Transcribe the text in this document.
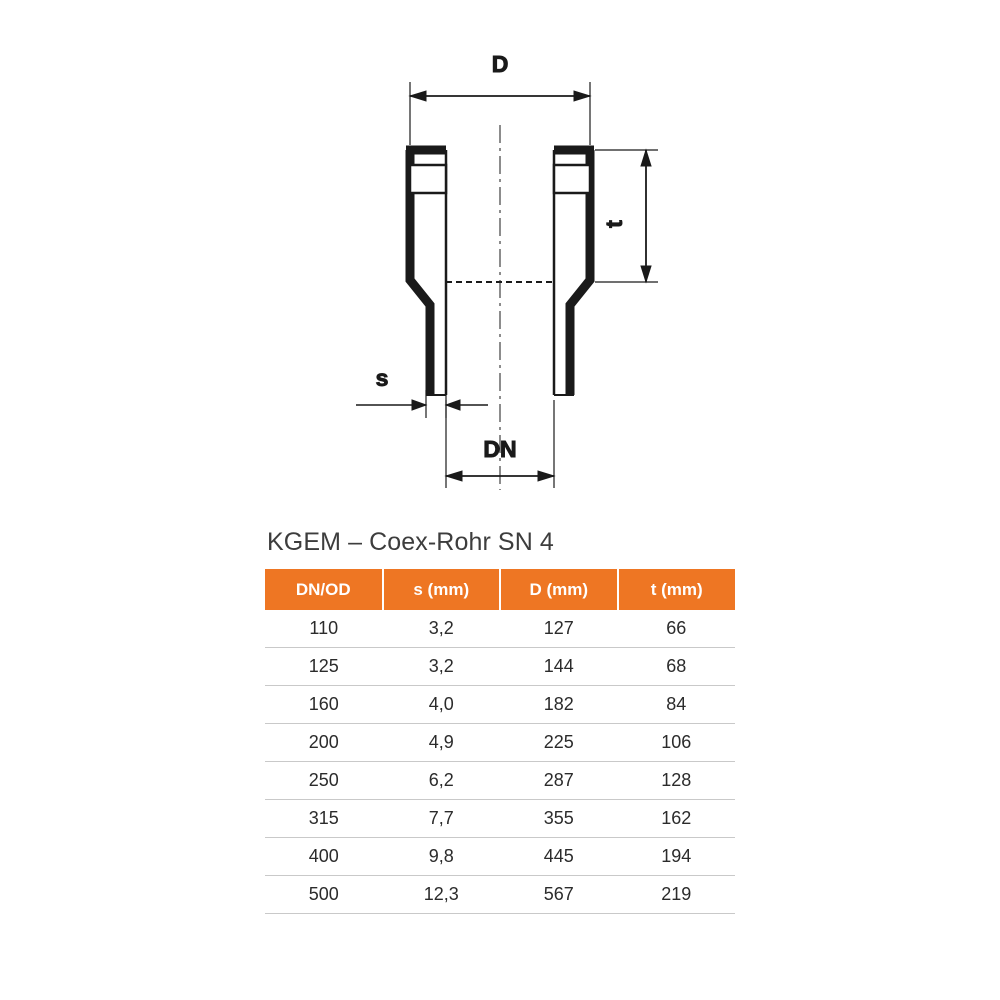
D
t
s
DN
KGEM – Coex-Rohr SN 4
DN/OD	s (mm)	D (mm)	t (mm)
110	3,2	127	66
125	3,2	144	68
160	4,0	182	84
200	4,9	225	106
250	6,2	287	128
315	7,7	355	162
400	9,8	445	194
500	12,3	567	219
